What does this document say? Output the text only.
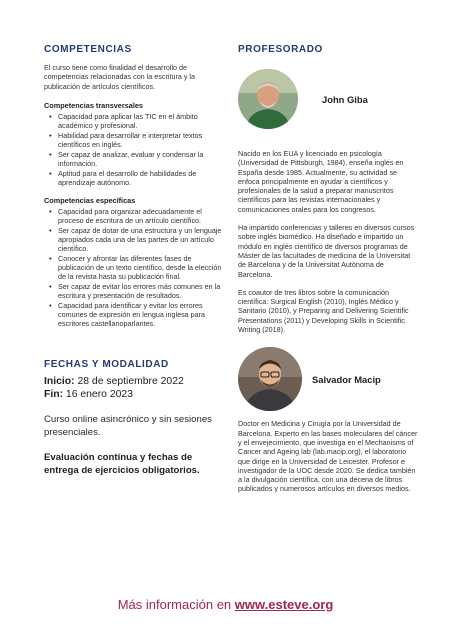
COMPETENCIAS

El curso tiene como finalidad el desarrollo de competencias relacionadas con la escritura y la publicación de artículos científicos.

Competencias transversales
• Capacidad para aplicar las TIC en el ámbito académico y profesional.
• Habilidad para desarrollar e interpretar textos científicos en inglés.
• Ser capaz de analizar, evaluar y condensar la información.
• Aptitud para el desarrollo de habilidades de aprendizaje autónomo.
Competencias específicas
• Capacidad para organizar adecuadamente el proceso de escritura de un artículo científico.
• Ser capaz de dotar de una estructura y un lenguaje apropiados cada una de las partes de un artículo científico.
• Conocer y afrontar las diferentes fases de publicación de un texto científico, desde la elección de la revista hasta su publicación final.
• Ser capaz de evitar los errores más comunes en la escritura y presentación de resultados.
• Capacidad para identificar y evitar los errores comunes de expresión en lengua inglesa para escritores castellanoparlantes.
FECHAS Y MODALIDAD
Inicio: 28 de septiembre 2022
Fin: 16 enero 2023

Curso online asincrónico y sin sesiones presenciales.

Evaluación contínua y fechas de entrega de ejercicios obligatorios.

PROFESORADO
John Giba

Nacido en los EUA y licenciado en psicología (Universidad de Pittsburgh, 1984), enseña inglés en España desde 1985. Actualmente, su actividad se enfoca principalmente en ayudar a científicos y profesionales de la salud a preparar manuscritos científicos para las revistas internacionales y comunicaciones orales para los congresos.

Ha impartido conferencias y talleres en diversos cursos sobre inglés biomédico. Ha diseñado e impartido un módulo en inglés científico de diversos programas de Máster de las facultades de medicina de la Universitat de Barcelona y de la Universitat Autònoma de Barcelona.

Es coautor de tres libros sobre la comunicación científica: Surgical English (2010), Inglés Médico y Sanitario (2010), y Preparing and Delivering Scientific Presentations (2011) y Developing Skills in Scientific Writing (2018).

Salvador Macip

Doctor en Medicina y Cirugía por la Universidad de Barcelona. Experto en las bases moleculares del cáncer y el envejecimiento, que investiga en el Mechanisms of Cancer and Ageing lab (lab.macip.org), el laboratorio que dirige en la Universidad de Leicester. Profesor e investigador de la UOC desde 2020. Se dedica también a la divulgación científica, con una decena de libros publicados y numerosos artículos en diversos medios.

Más información en www.esteve.org
